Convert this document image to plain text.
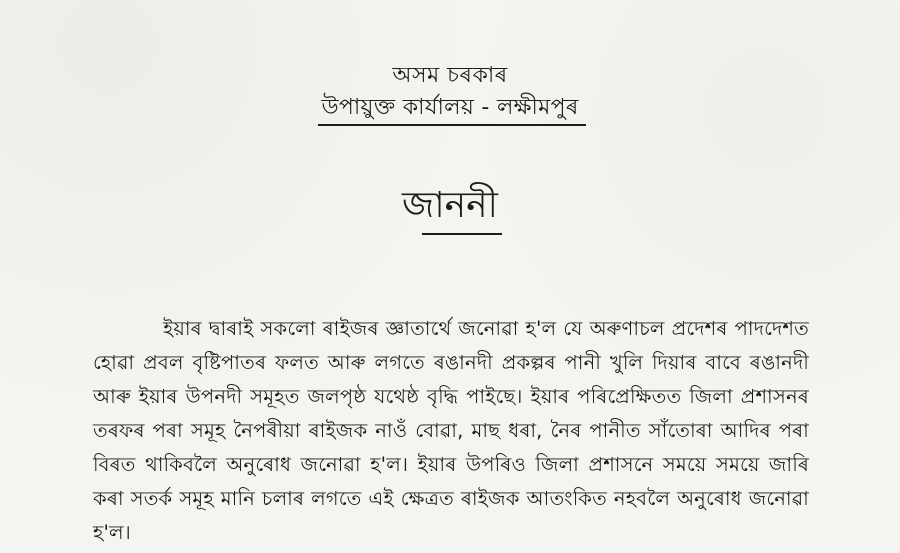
অসম চৰকাৰ
উপায়ুক্ত কাৰ্যালয় - লক্ষীমপুৰ
জাননী

ইয়াৰ দ্বাৰাই সকলো ৰাইজৰ জ্ঞাতাৰ্থে জনোৱা হ'ল যে অৰুণাচল প্ৰদেশৰ পাদদেশত হোৱা প্ৰবল বৃষ্টিপাতৰ ফলত আৰু লগতে ৰঙানদী প্ৰকল্পৰ পানী খুলি দিয়াৰ বাবে ৰঙানদী আৰু ইয়াৰ উপনদী সমূহত জলপৃষ্ঠ যথেষ্ঠ বৃদ্ধি পাইছে। ইয়াৰ পৰিপ্ৰেক্ষিতত জিলা প্ৰশাসনৰ তৰফৰ পৰা সমূহ নৈপৰীয়া ৰাইজক নাওঁ বোৱা, মাছ ধৰা, নৈৰ পানীত সাঁতোৰা আদিৰ পৰা বিৰত থাকিবলৈ অনুৰোধ জনোৱা হ'ল। ইয়াৰ উপৰিও জিলা প্ৰশাসনে সময়ে সময়ে জাৰি কৰা সতৰ্ক সমূহ মানি চলাৰ লগতে এই ক্ষেত্ৰত ৰাইজক আতংকিত নহবলৈ অনুৰোধ জনোৱা হ'ল।
